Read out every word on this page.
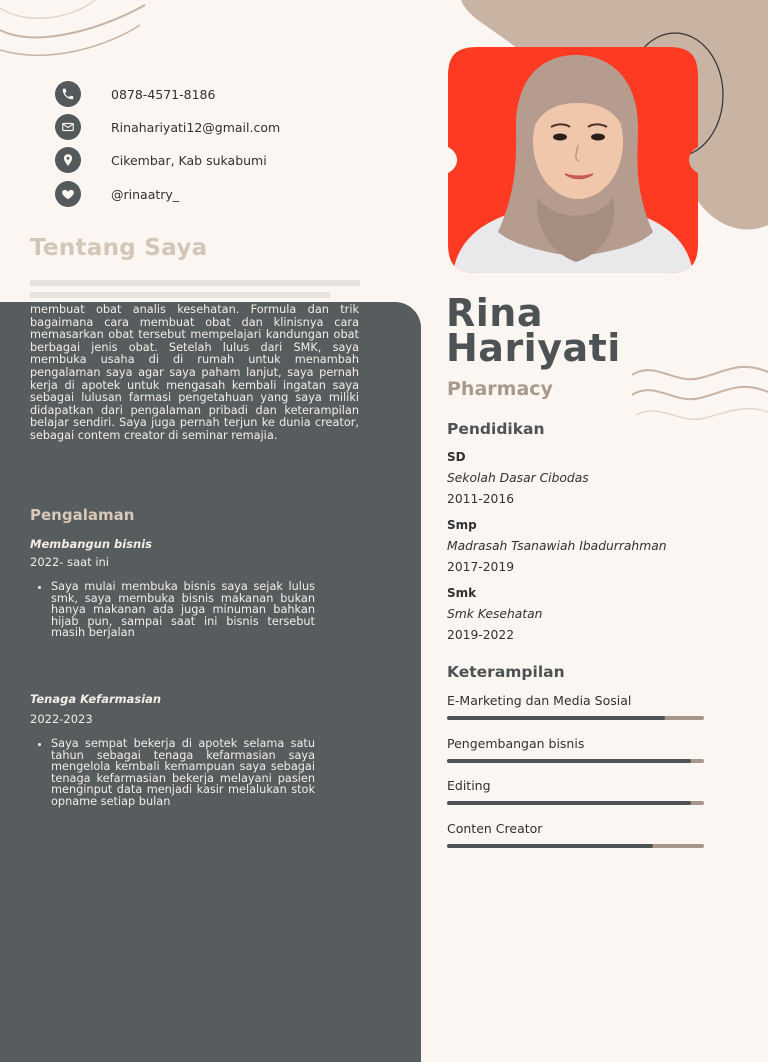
0878-4571-8186
Rinahariyati12@gmail.com
Cikembar, Kab sukabumi
@rinaatry_
Tentang Saya

membuat obat analis kesehatan. Formula dan trik bagaimana cara membuat obat dan klinisnya cara memasarkan obat tersebut mempelajari kandungan obat berbagai jenis obat. Setelah lulus dari SMK, saya membuka usaha di di rumah untuk menambah pengalaman saya agar saya paham lanjut, saya pernah kerja di apotek untuk mengasah kembali ingatan saya sebagai lulusan farmasi pengetahuan yang saya miliki didapatkan dari pengalaman pribadi dan keterampilan belajar sendiri. Saya juga pernah terjun ke dunia creator, sebagai contem creator di seminar remajia.

Pengalaman

Membangun bisnis

2022- saat ini

• Saya mulai membuka bisnis saya sejak lulus smk, saya membuka bisnis makanan bukan hanya makanan ada juga minuman bahkan hijab pun, sampai saat ini bisnis tersebut masih berjalan

Tenaga Kefarmasian

2022-2023

• Saya sempat bekerja di apotek selama satu tahun sebagai tenaga kefarmasian saya mengelola kembali kemampuan saya sebagai tenaga kefarmasian bekerja melayani pasien menginput data menjadi kasir melalukan stok opname setiap bulan
Rina
Hariyati

Pharmacy

Pendidikan

SD

Sekolah Dasar Cibodas

2011-2016

Smp

Madrasah Tsanawiah Ibadurrahman

2017-2019

Smk

Smk Kesehatan

2019-2022

Keterampilan

E-Marketing dan Media Sosial

Pengembangan bisnis

Editing

Conten Creator
